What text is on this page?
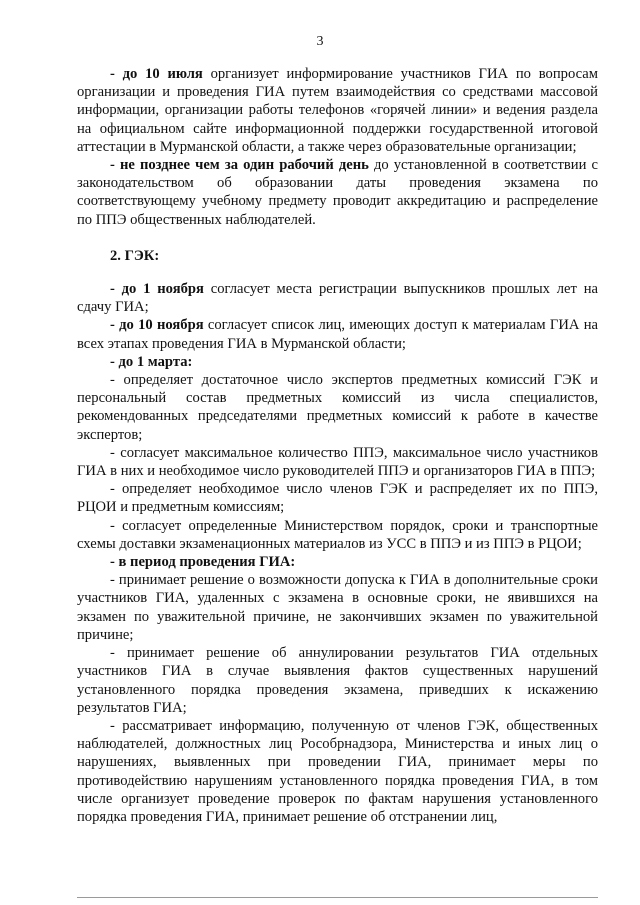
3

- до 10 июля организует информирование участников ГИА по вопросам организации и проведения ГИА путем взаимодействия со средствами массовой информации, организации работы телефонов «горячей линии» и ведения раздела на официальном сайте информационной поддержки государственной итоговой аттестации в Мурманской области, а также через образовательные организации;

- не позднее чем за один рабочий день до установленной в соответствии с законодательством об образовании даты проведения экзамена по соответствующему учебному предмету проводит аккредитацию и распределение по ППЭ общественных наблюдателей.

2. ГЭК:

- до 1 ноября согласует места регистрации выпускников прошлых лет на сдачу ГИА;

- до 10 ноября согласует список лиц, имеющих доступ к материалам ГИА на всех этапах проведения ГИА в Мурманской области;

- до 1 марта:

- определяет достаточное число экспертов предметных комиссий ГЭК и персональный состав предметных комиссий из числа специалистов, рекомендованных председателями предметных комиссий к работе в качестве экспертов;

- согласует максимальное количество ППЭ, максимальное число участников ГИА в них и необходимое число руководителей ППЭ и организаторов ГИА в ППЭ;

- определяет необходимое число членов ГЭК и распределяет их по ППЭ, РЦОИ и предметным комиссиям;

- согласует определенные Министерством порядок, сроки и транспортные схемы доставки экзаменационных материалов из УСС в ППЭ и из ППЭ в РЦОИ;

- в период проведения ГИА:

- принимает решение о возможности допуска к ГИА в дополнительные сроки участников ГИА, удаленных с экзамена в основные сроки, не явившихся на экзамен по уважительной причине, не закончивших экзамен по уважительной причине;

- принимает решение об аннулировании результатов ГИА отдельных участников ГИА в случае выявления фактов существенных нарушений установленного порядка проведения экзамена, приведших к искажению результатов ГИА;

- рассматривает информацию, полученную от членов ГЭК, общественных наблюдателей, должностных лиц Рособрнадзора, Министерства и иных лиц о нарушениях, выявленных при проведении ГИА, принимает меры по противодействию нарушениям установленного порядка проведения ГИА, в том числе организует проведение проверок по фактам нарушения установленного порядка проведения ГИА, принимает решение об отстранении лиц,
